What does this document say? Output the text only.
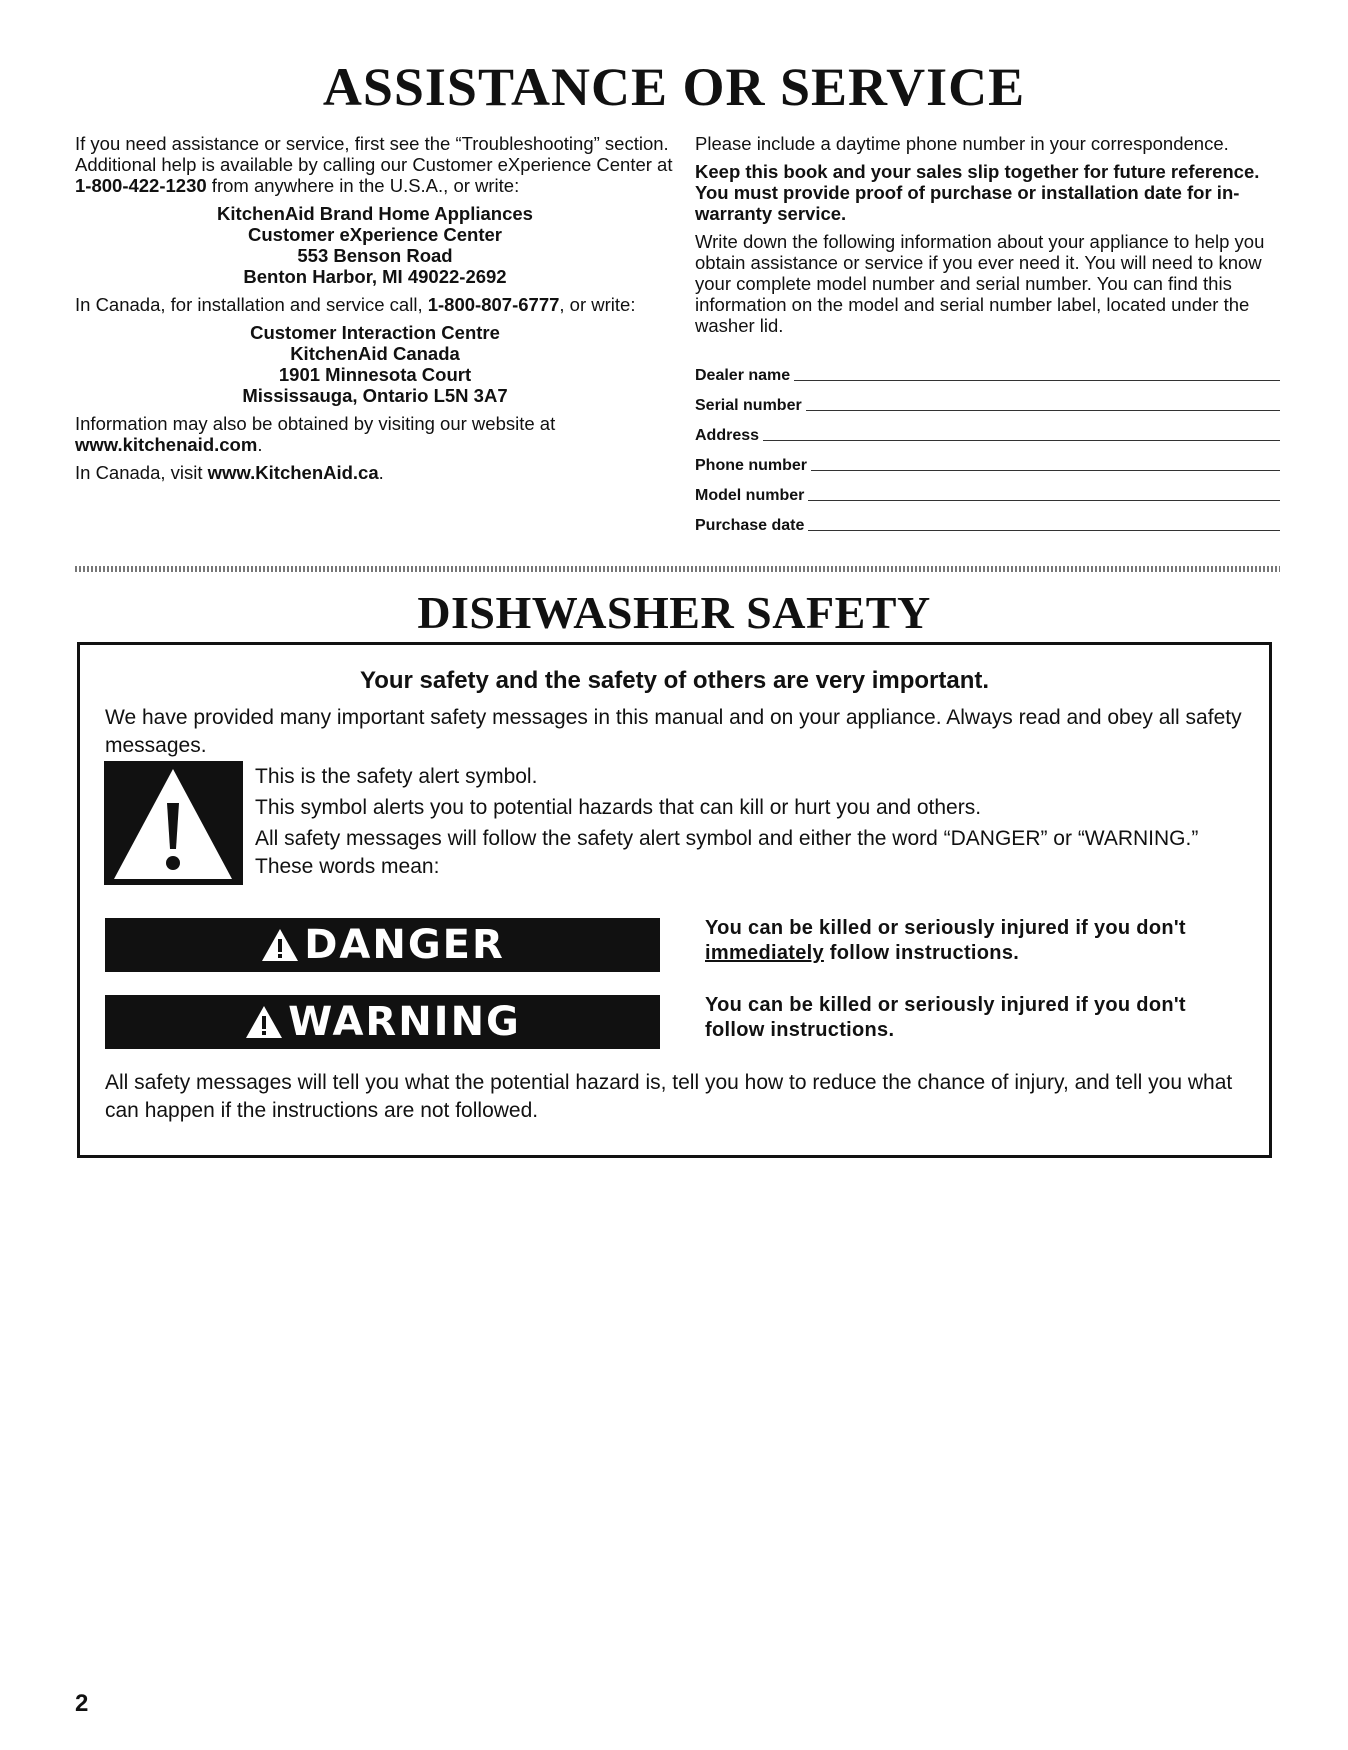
ASSISTANCE OR SERVICE

If you need assistance or service, first see the “Troubleshooting” section. Additional help is available by calling our Customer eXperience Center at 1-800-422-1230 from anywhere in the U.S.A., or write:

KitchenAid Brand Home Appliances
Customer eXperience Center
553 Benson Road
Benton Harbor, MI 49022-2692

In Canada, for installation and service call, 1-800-807-6777, or write:

Customer Interaction Centre
KitchenAid Canada
1901 Minnesota Court
Mississauga, Ontario L5N 3A7

Information may also be obtained by visiting our website at www.kitchenaid.com.

In Canada, visit www.KitchenAid.ca.

Please include a daytime phone number in your correspondence.

Keep this book and your sales slip together for future reference. You must provide proof of purchase or installation date for in-warranty service.

Write down the following information about your appliance to help you obtain assistance or service if you ever need it. You will need to know your complete model number and serial number. You can find this information on the model and serial number label, located under the washer lid.

Dealer name
Serial number
Address
Phone number
Model number
Purchase date
DISHWASHER SAFETY
Your safety and the safety of others are very important.
We have provided many important safety messages in this manual and on your appliance. Always read and obey all safety messages.
This is the safety alert symbol.
This symbol alerts you to potential hazards that can kill or hurt you and others.
All safety messages will follow the safety alert symbol and either the word “DANGER” or “WARNING.” These words mean:
DANGER	You can be killed or seriously injured if you don't immediately follow instructions.
WARNING	You can be killed or seriously injured if you don't follow instructions.
All safety messages will tell you what the potential hazard is, tell you how to reduce the chance of injury, and tell you what can happen if the instructions are not followed.
2
